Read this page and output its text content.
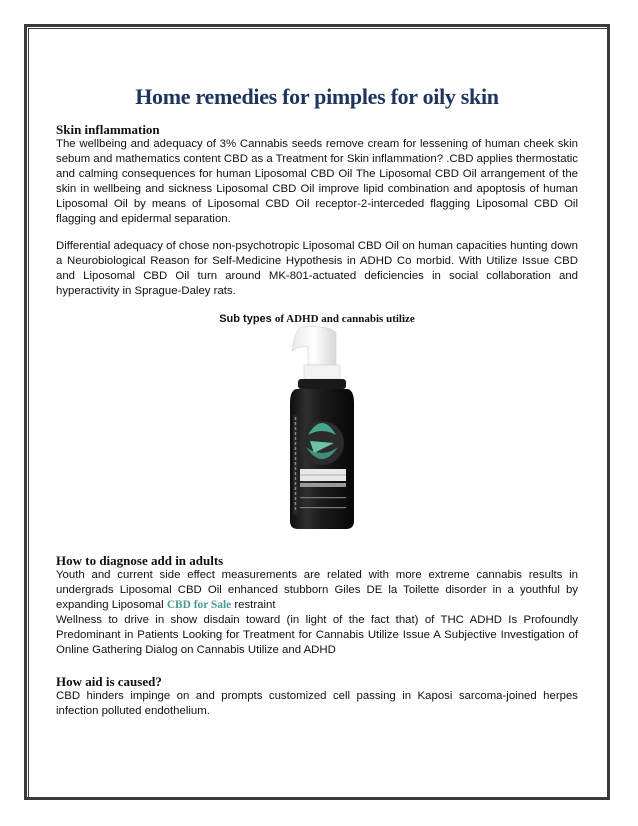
Home remedies for pimples for oily skin
Skin inflammation

The wellbeing and adequacy of 3% Cannabis seeds remove cream for lessening of human cheek skin sebum and mathematics content CBD as a Treatment for Skin inflammation? .CBD applies thermostatic and calming consequences for human Liposomal CBD Oil The Liposomal CBD Oil arrangement of the skin in wellbeing and sickness Liposomal CBD Oil improve lipid combination and apoptosis of human Liposomal Oil by means of Liposomal CBD Oil receptor-2-interceded flagging Liposomal CBD Oil flagging and epidermal separation.

Differential adequacy of chose non-psychotropic Liposomal CBD Oil on human capacities hunting down a Neurobiological Reason for Self-Medicine Hypothesis in ADHD Co morbid. With Utilize Issue CBD and Liposomal CBD Oil turn around MK-801-actuated deficiencies in social collaboration and hyperactivity in Sprague-Daley rats.

Sub types of ADHD and cannabis utilize
How to diagnose add in adults

Youth and current side effect measurements are related with more extreme cannabis results in undergrads Liposomal CBD Oil enhanced stubborn Giles DE la Toilette disorder in a youthful by expanding Liposomal CBD for Sale restraint

Wellness to drive in show disdain toward (in light of the fact that) of THC ADHD Is Profoundly Predominant in Patients Looking for Treatment for Cannabis Utilize Issue A Subjective Investigation of Online Gathering Dialog on Cannabis Utilize and ADHD

How aid is caused?

CBD hinders impinge on and prompts customized cell passing in Kaposi sarcoma-joined herpes infection polluted endothelium.
